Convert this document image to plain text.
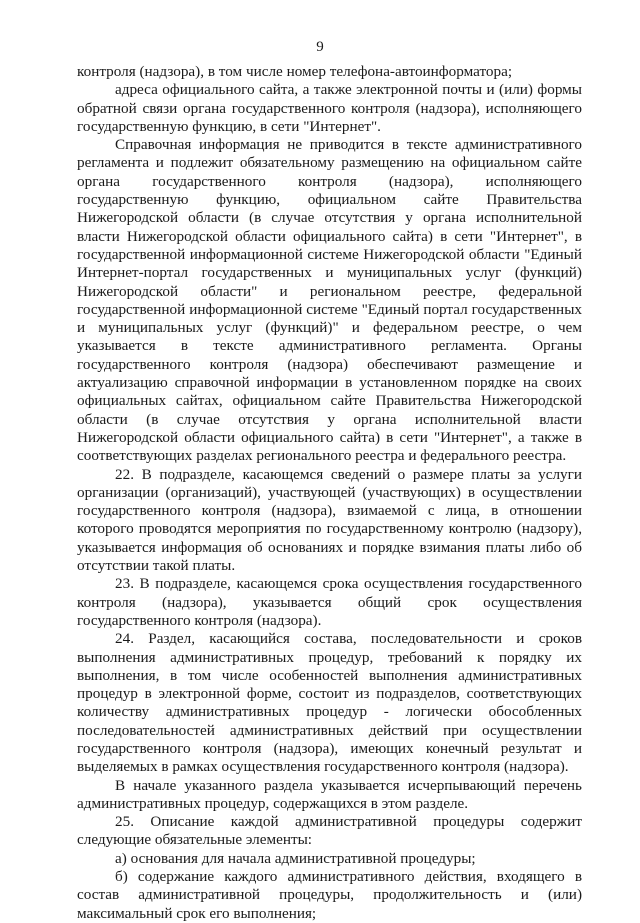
9

контроля (надзора), в том числе номер телефона-автоинформатора;

адреса официального сайта, а также электронной почты и (или) формы обратной связи органа государственного контроля (надзора), исполняющего государственную функцию, в сети "Интернет".

Справочная информация не приводится в тексте административного регламента и подлежит обязательному размещению на официальном сайте органа государственного контроля (надзора), исполняющего государственную функцию, официальном сайте Правительства Нижегородской области (в случае отсутствия у органа исполнительной власти Нижегородской области официального сайта) в сети "Интернет", в государственной информационной системе Нижегородской области "Единый Интернет-портал государственных и муниципальных услуг (функций) Нижегородской области" и региональном реестре, федеральной государственной информационной системе "Единый портал государственных и муниципальных услуг (функций)" и федеральном реестре, о чем указывается в тексте административного регламента. Органы государственного контроля (надзора) обеспечивают размещение и актуализацию справочной информации в установленном порядке на своих официальных сайтах, официальном сайте Правительства Нижегородской области (в случае отсутствия у органа исполнительной власти Нижегородской области официального сайта) в сети "Интернет", а также в соответствующих разделах регионального реестра и федерального реестра.

22. В подразделе, касающемся сведений о размере платы за услуги организации (организаций), участвующей (участвующих) в осуществлении государственного контроля (надзора), взимаемой с лица, в отношении которого проводятся мероприятия по государственному контролю (надзору), указывается информация об основаниях и порядке взимания платы либо об отсутствии такой платы.

23. В подразделе, касающемся срока осуществления государственного контроля (надзора), указывается общий срок осуществления государственного контроля (надзора).

24. Раздел, касающийся состава, последовательности и сроков выполнения административных процедур, требований к порядку их выполнения, в том числе особенностей выполнения административных процедур в электронной форме, состоит из подразделов, соответствующих количеству административных процедур - логически обособленных последовательностей административных действий при осуществлении государственного контроля (надзора), имеющих конечный результат и выделяемых в рамках осуществления государственного контроля (надзора).

В начале указанного раздела указывается исчерпывающий перечень административных процедур, содержащихся в этом разделе.

25. Описание каждой административной процедуры содержит следующие обязательные элементы:

а) основания для начала административной процедуры;

б) содержание каждого административного действия, входящего в состав административной процедуры, продолжительность и (или) максимальный срок его выполнения;
